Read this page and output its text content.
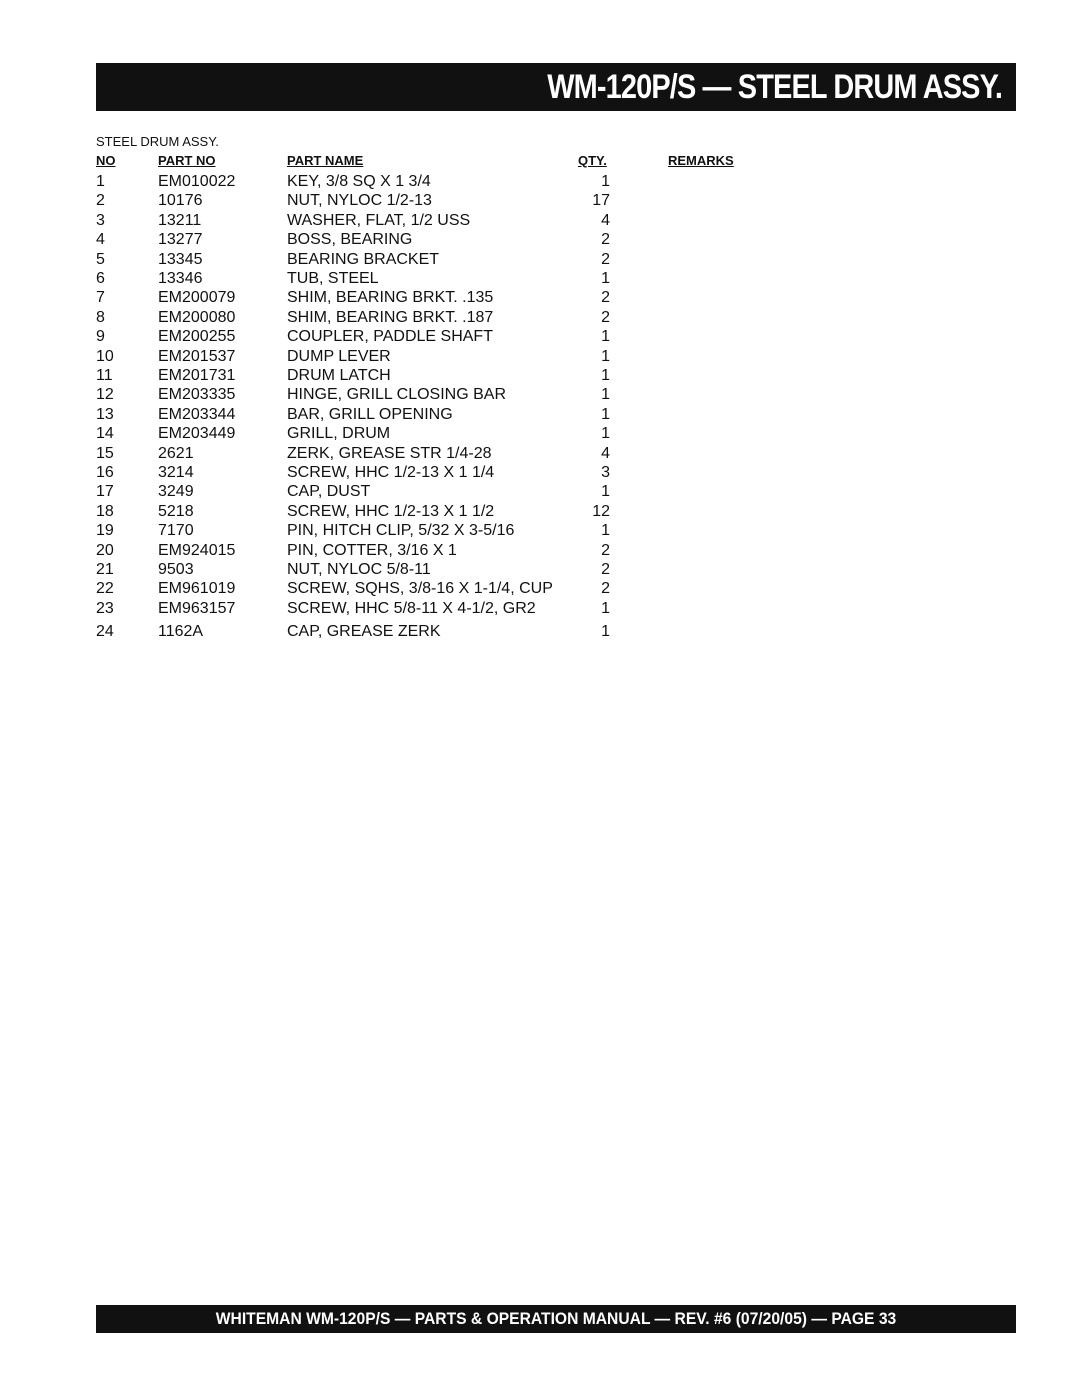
WM-120P/S — STEEL DRUM ASSY.
STEEL DRUM ASSY.
NO	PART NO	PART NAME	QTY.	REMARKS
1	EM010022	KEY, 3/8 SQ X 1 3/4	1
2	10176	NUT, NYLOC 1/2-13	17
3	13211	WASHER, FLAT, 1/2 USS	4
4	13277	BOSS, BEARING	2
5	13345	BEARING BRACKET	2
6	13346	TUB, STEEL	1
7	EM200079	SHIM, BEARING BRKT. .135	2
8	EM200080	SHIM, BEARING BRKT. .187	2
9	EM200255	COUPLER, PADDLE SHAFT	1
10	EM201537	DUMP LEVER	1
11	EM201731	DRUM LATCH	1
12	EM203335	HINGE, GRILL CLOSING BAR	1
13	EM203344	BAR, GRILL OPENING	1
14	EM203449	GRILL, DRUM	1
15	2621	ZERK, GREASE STR 1/4-28	4
16	3214	SCREW, HHC 1/2-13 X 1 1/4	3
17	3249	CAP, DUST	1
18	5218	SCREW, HHC 1/2-13 X 1 1/2	12
19	7170	PIN, HITCH CLIP, 5/32 X 3-5/16	1
20	EM924015	PIN, COTTER, 3/16 X 1	2
21	9503	NUT, NYLOC 5/8-11	2
22	EM961019	SCREW, SQHS, 3/8-16 X 1-1/4, CUP	2
23	EM963157	SCREW, HHC 5/8-11 X 4-1/2, GR2	1
24	1162A	CAP, GREASE ZERK	1
WHITEMAN WM-120P/S — PARTS & OPERATION MANUAL — REV. #6 (07/20/05) — PAGE 33
